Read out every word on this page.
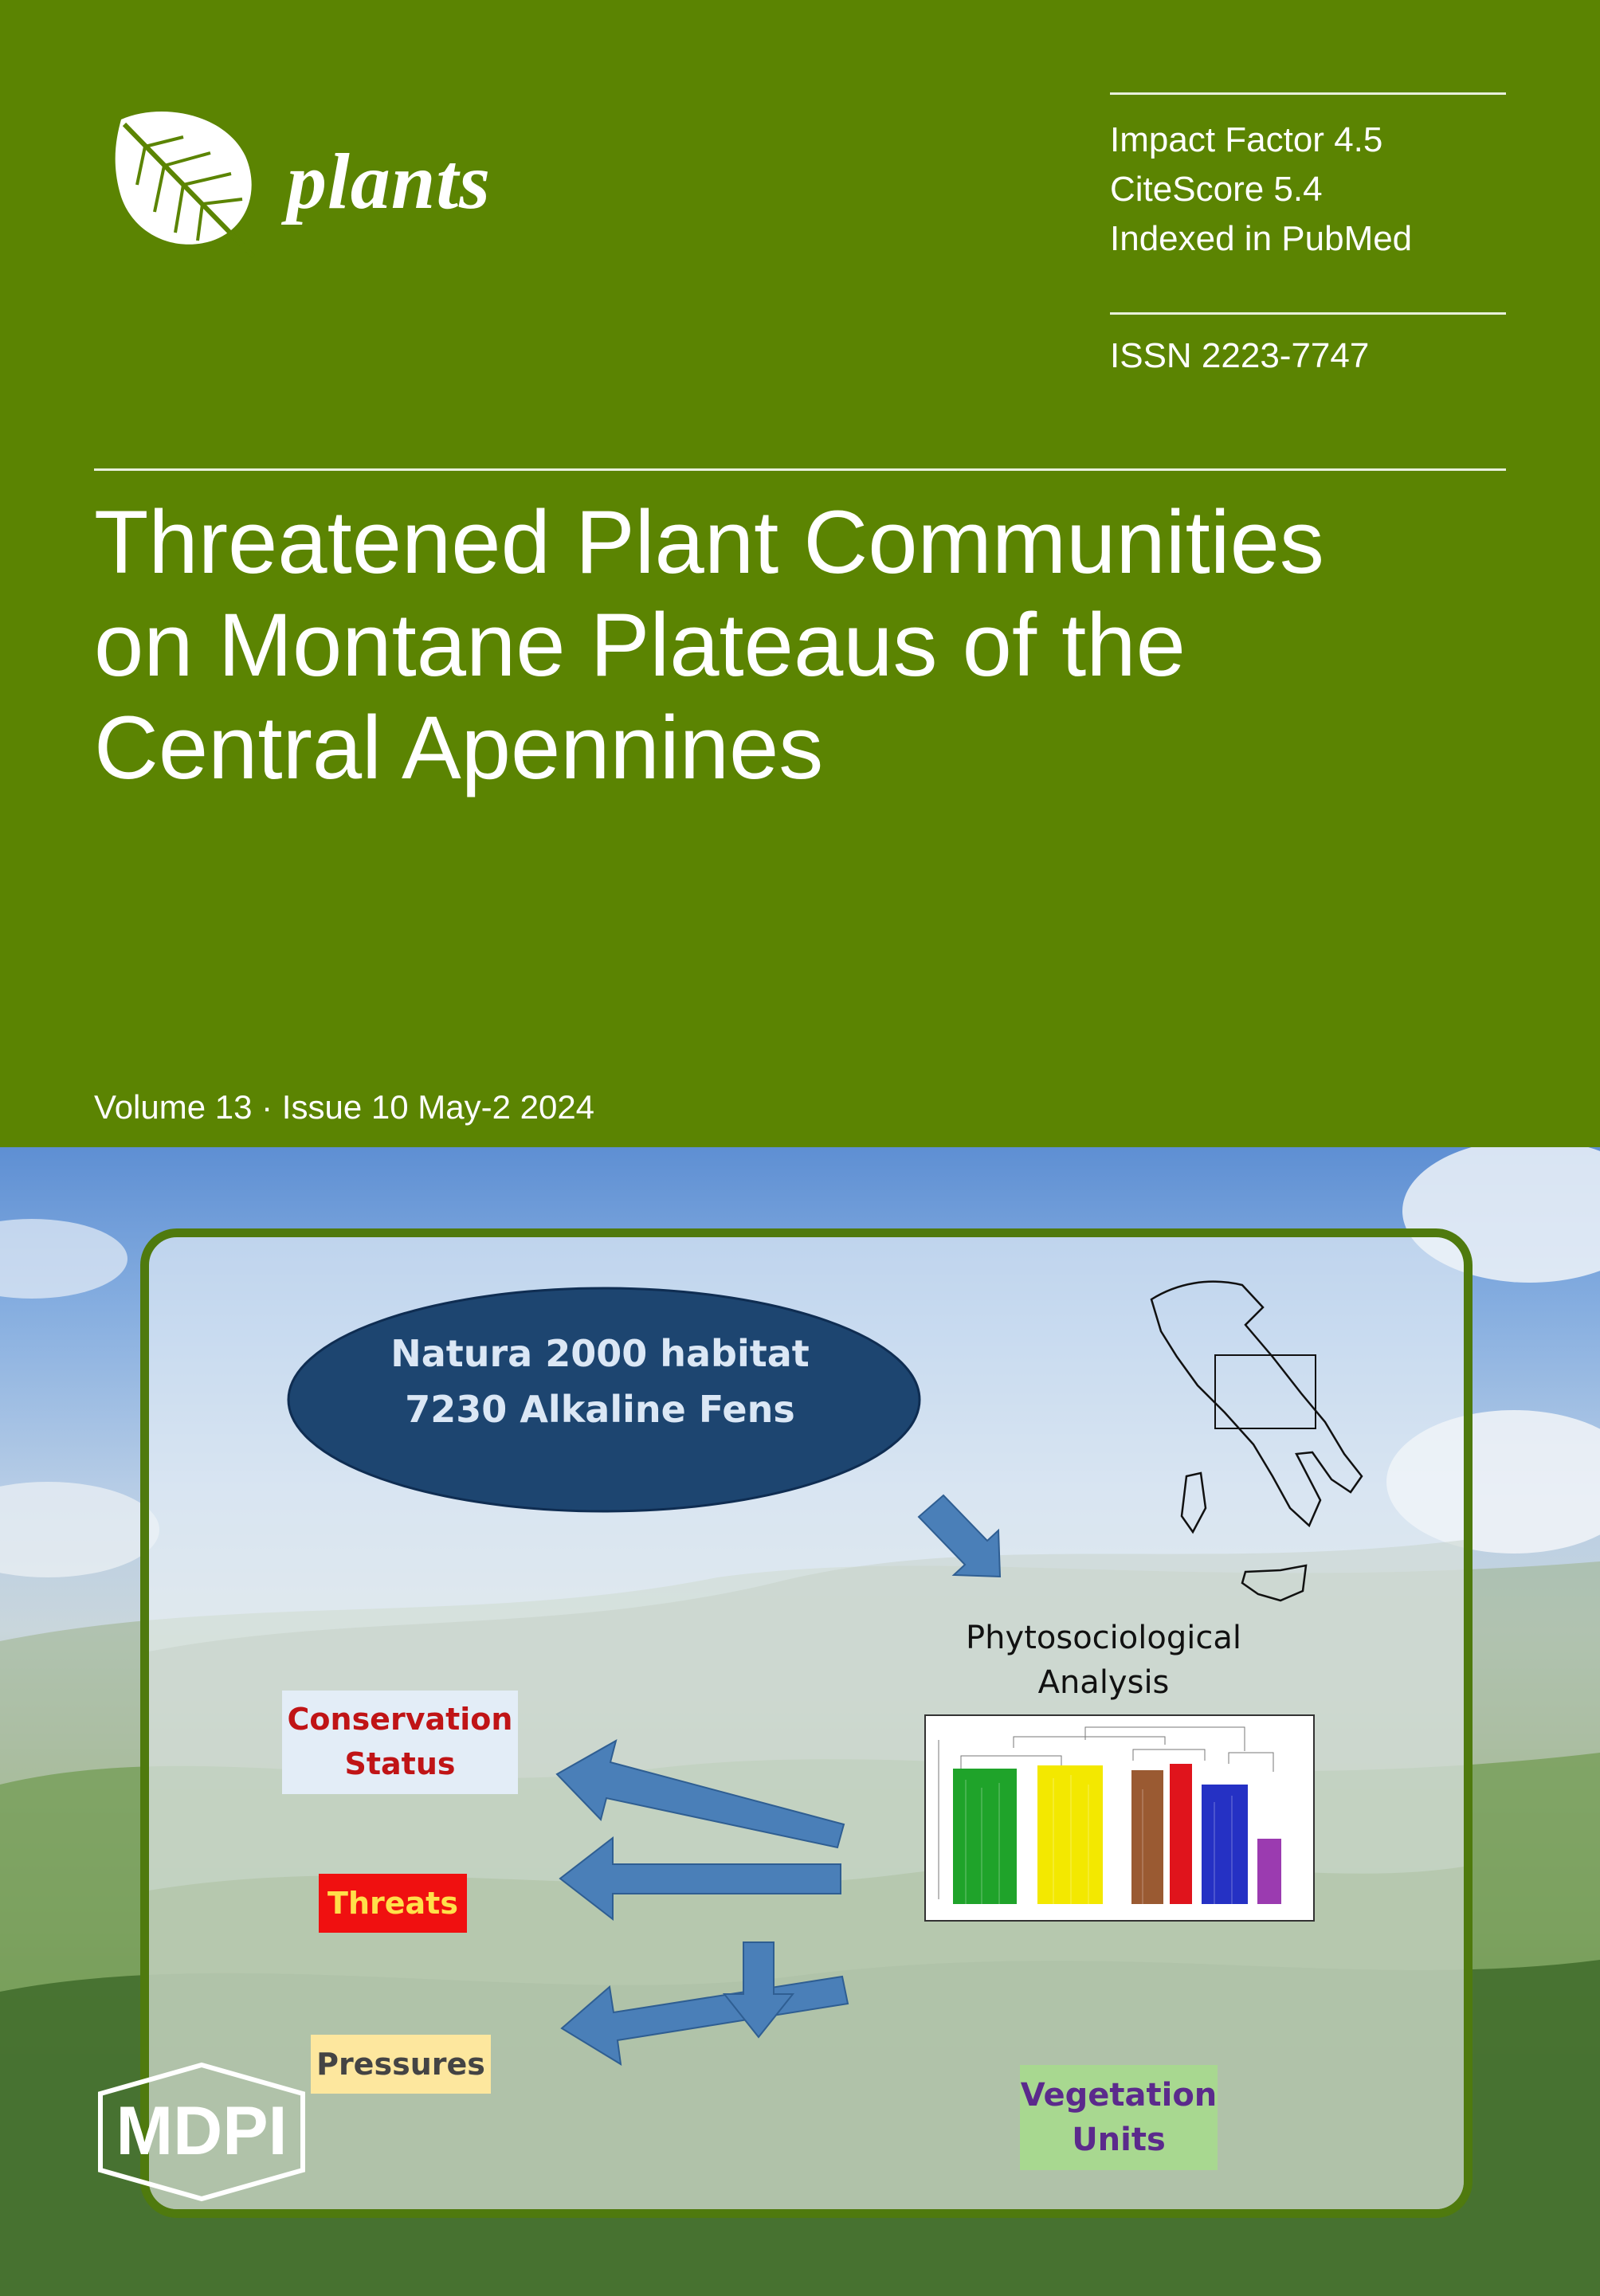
plants	Impact Factor 4.5
CiteScore 5.4
Indexed in PubMed
ISSN 2223-7747
Threatened Plant Communities
on Montane Plateaus of the
Central Apennines
Volume 13 · Issue 10 May-2 2024
Natura 2000 habitat
7230 Alkaline Fens
Phytosociological
Analysis
Conservation
Status
Threats
Pressures
Vegetation
Units
MDPI
